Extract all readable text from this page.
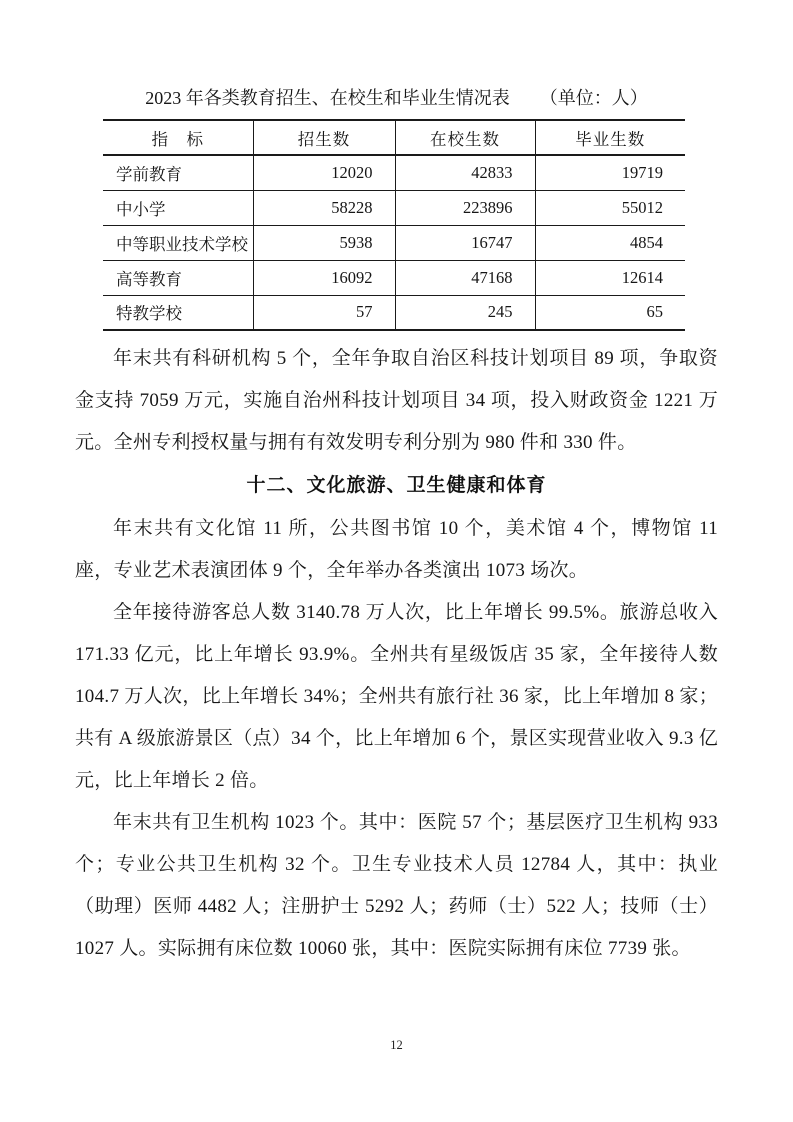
2023 年各类教育招生、在校生和毕业生情况表 （单位：人）
指　标	招生数	在校生数	毕业生数
学前教育	12020	42833	19719
中小学	58228	223896	55012
中等职业技术学校	5938	16747	4854
高等教育	16092	47168	12614
特教学校	57	245	65

年末共有科研机构 5 个，全年争取自治区科技计划项目 89 项，争取资金支持 7059 万元，实施自治州科技计划项目 34 项，投入财政资金 1221 万元。全州专利授权量与拥有有效发明专利分别为 980 件和 330 件。

十二、文化旅游、卫生健康和体育

年末共有文化馆 11 所，公共图书馆 10 个，美术馆 4 个，博物馆 11 座，专业艺术表演团体 9 个，全年举办各类演出 1073 场次。

全年接待游客总人数 3140.78 万人次，比上年增长 99.5%。旅游总收入 171.33 亿元，比上年增长 93.9%。全州共有星级饭店 35 家，全年接待人数 104.7 万人次，比上年增长 34%；全州共有旅行社 36 家，比上年增加 8 家；共有 A 级旅游景区（点）34 个，比上年增加 6 个，景区实现营业收入 9.3 亿元，比上年增长 2 倍。

年末共有卫生机构 1023 个。其中：医院 57 个；基层医疗卫生机构 933 个；专业公共卫生机构 32 个。卫生专业技术人员 12784 人，其中：执业（助理）医师 4482 人；注册护士 5292 人；药师（士）522 人；技师（士）1027 人。实际拥有床位数 10060 张，其中：医院实际拥有床位 7739 张。

12
